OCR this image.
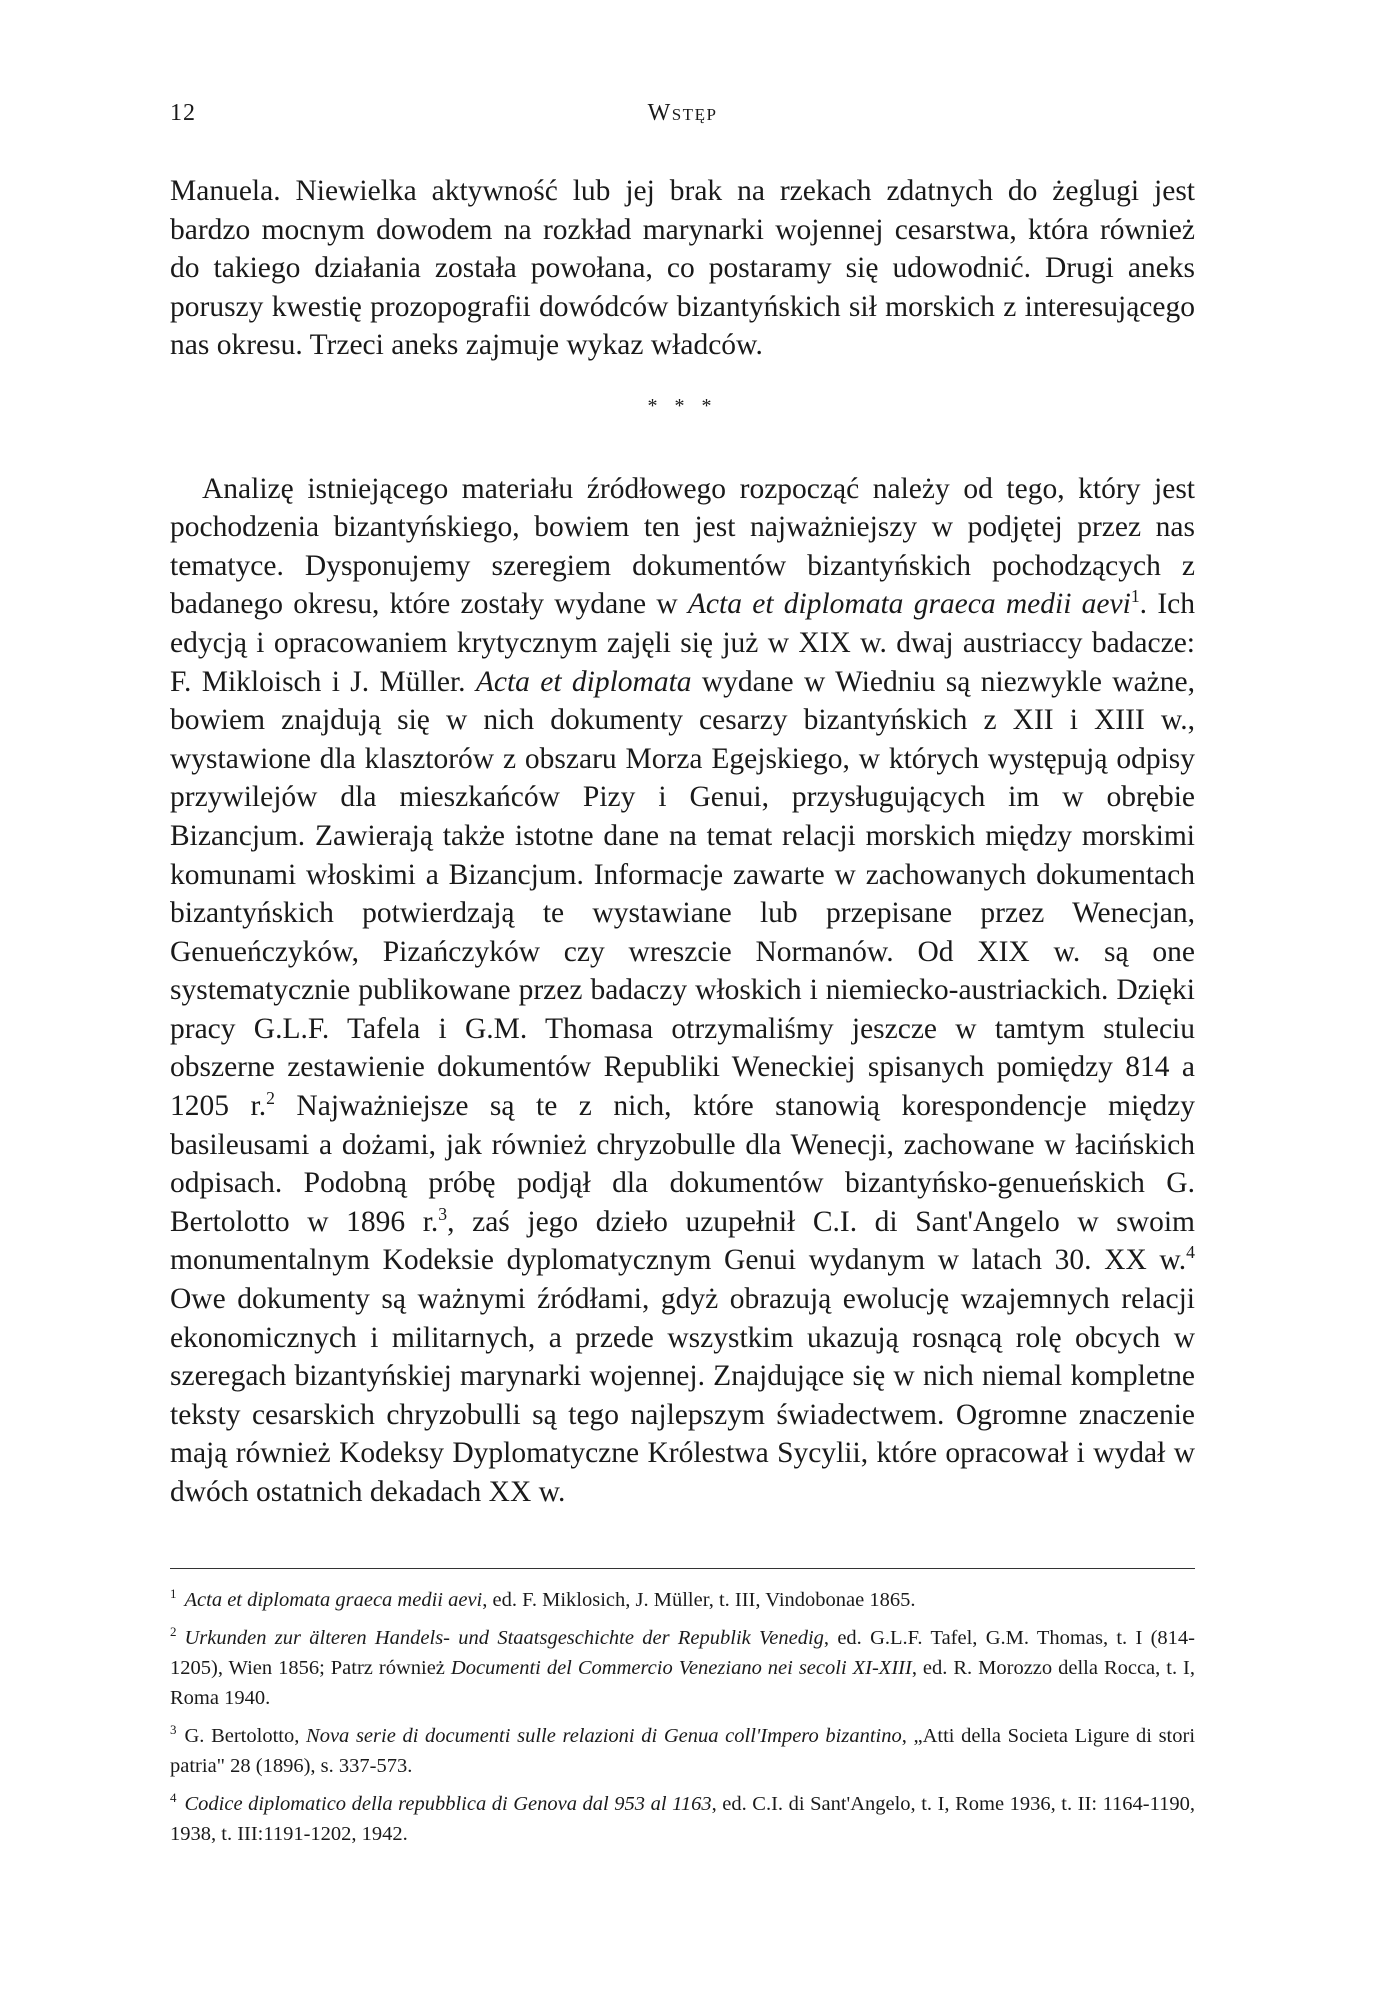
12	Wstęp

Manuela. Niewielka aktywność lub jej brak na rzekach zdatnych do żeglugi jest bardzo mocnym dowodem na rozkład marynarki wojennej cesarstwa, która również do takiego działania została powołana, co postaramy się udowodnić. Drugi aneks poruszy kwestię prozopografii dowódców bizantyńskich sił morskich z interesującego nas okresu. Trzeci aneks zajmuje wykaz władców.

* * *

Analizę istniejącego materiału źródłowego rozpocząć należy od tego, który jest pochodzenia bizantyńskiego, bowiem ten jest najważniejszy w podjętej przez nas tematyce. Dysponujemy szeregiem dokumentów bizantyńskich pochodzących z badanego okresu, które zostały wydane w Acta et diplomata graeca medii aevi$^1$. Ich edycją i opracowaniem krytycznym zajęli się już w XIX w. dwaj austriaccy badacze: F. Mikloisch i J. Müller. Acta et diplomata wydane w Wiedniu są niezwykle ważne, bowiem znajdują się w nich dokumenty cesarzy bizantyńskich z XII i XIII w., wystawione dla klasztorów z obszaru Morza Egejskiego, w których występują odpisy przywilejów dla mieszkańców Pizy i Genui, przysługujących im w obrębie Bizancjum. Zawierają także istotne dane na temat relacji morskich między morskimi komunami włoskimi a Bizancjum. Informacje zawarte w zachowanych dokumentach bizantyńskich potwierdzają te wystawiane lub przepisane przez Wenecjan, Genueńczyków, Pizańczyków czy wreszcie Normanów. Od XIX w. są one systematycznie publikowane przez badaczy włoskich i niemiecko-austriackich. Dzięki pracy G.L.F. Tafela i G.M. Thomasa otrzymaliśmy jeszcze w tamtym stuleciu obszerne zestawienie dokumentów Republiki Weneckiej spisanych pomiędzy 814 a 1205 r.$^2$ Najważniejsze są te z nich, które stanowią korespondencje między basileusami a dożami, jak również chryzobulle dla Wenecji, zachowane w łacińskich odpisach. Podobną próbę podjął dla dokumentów bizantyńsko-genueńskich G. Bertolotto w 1896 r.$^3$, zaś jego dzieło uzupełnił C.I. di Sant'Angelo w swoim monumentalnym Kodeksie dyplomatycznym Genui wydanym w latach 30. XX w.$^4$ Owe dokumenty są ważnymi źródłami, gdyż obrazują ewolucję wzajemnych relacji ekonomicznych i militarnych, a przede wszystkim ukazują rosnącą rolę obcych w szeregach bizantyńskiej marynarki wojennej. Znajdujące się w nich niemal kompletne teksty cesarskich chryzobulli są tego najlepszym świadectwem. Ogromne znaczenie mają również Kodeksy Dyplomatyczne Królestwa Sycylii, które opracował i wydał w dwóch ostatnich dekadach XX w.

$^1$ Acta et diplomata graeca medii aevi, ed. F. Miklosich, J. Müller, t. III, Vindobonae 1865.

$^2$ Urkunden zur älteren Handels- und Staatsgeschichte der Republik Venedig, ed. G.L.F. Tafel, G.M. Thomas, t. I (814-1205), Wien 1856; Patrz również Documenti del Commercio Veneziano nei secoli XI-XIII, ed. R. Morozzo della Rocca, t. I, Roma 1940.

$^3$ G. Bertolotto, Nova serie di documenti sulle relazioni di Genua coll'Impero bizantino, „Atti della Societa Ligure di stori patria" 28 (1896), s. 337-573.

$^4$ Codice diplomatico della repubblica di Genova dal 953 al 1163, ed. C.I. di Sant'Angelo, t. I, Rome 1936, t. II: 1164-1190, 1938, t. III:1191-1202, 1942.
